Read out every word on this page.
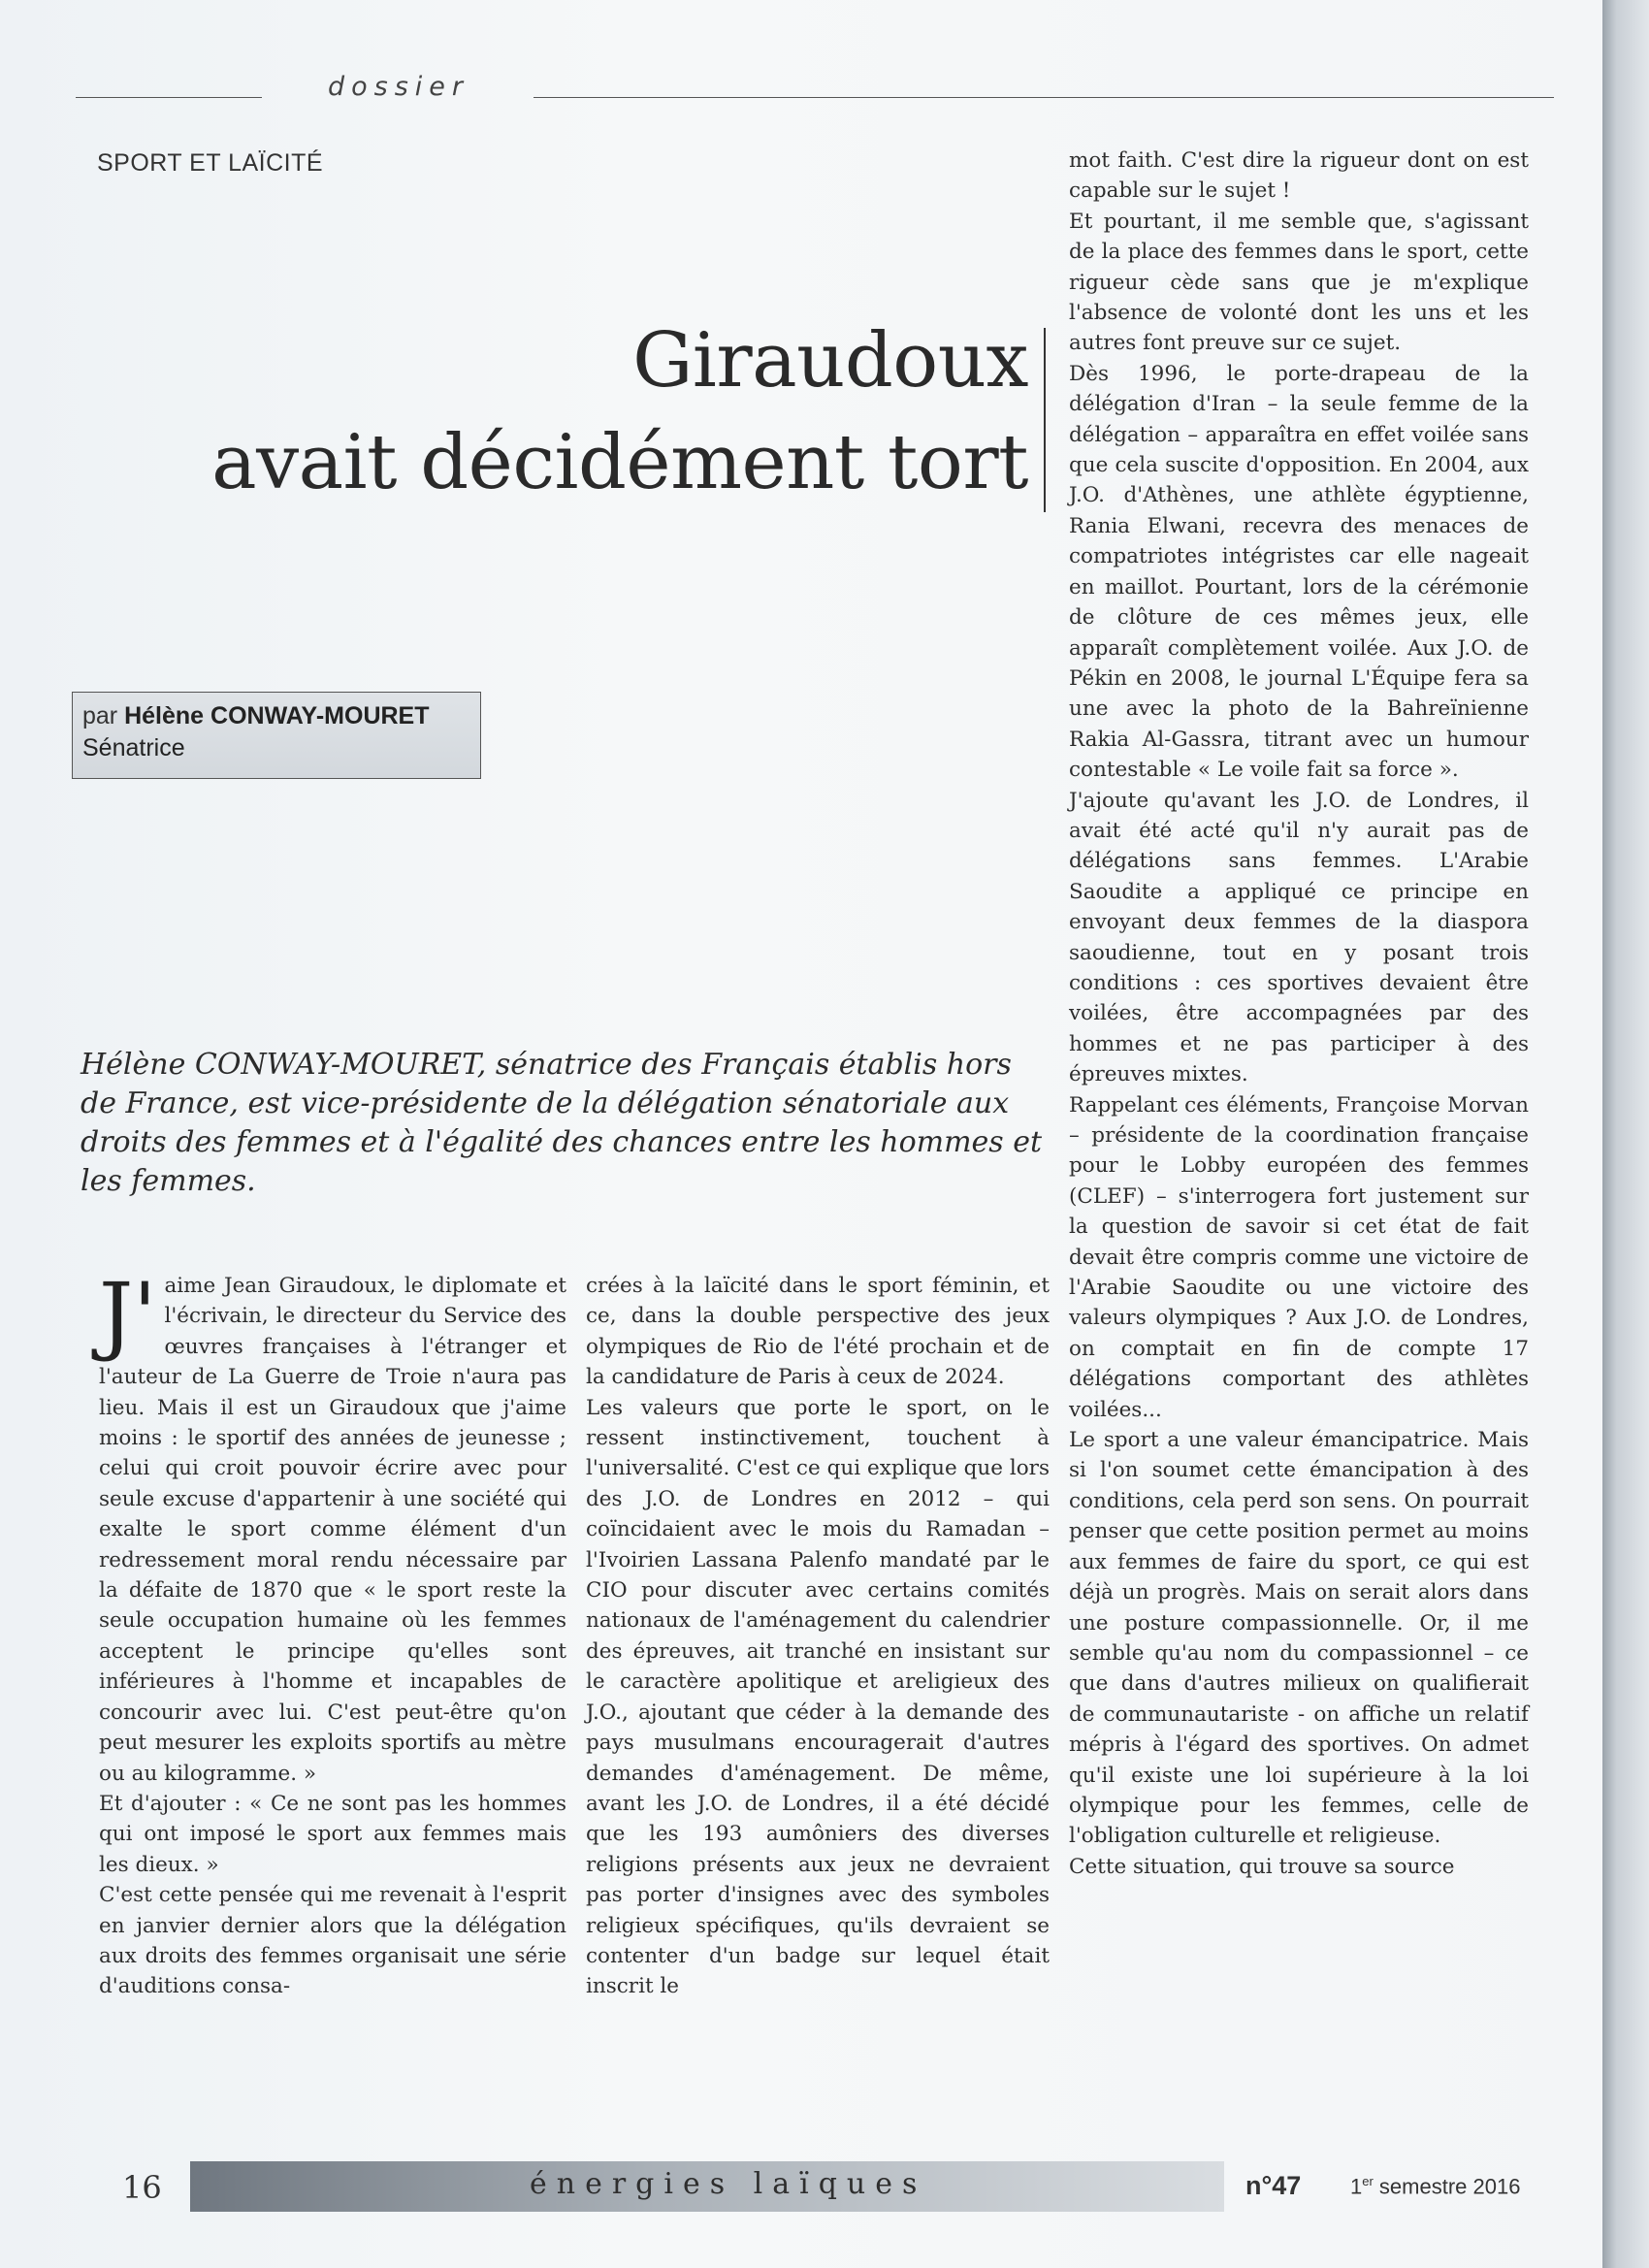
dossier
SPORT ET LAÏCITÉ
Giraudoux
avait décidément tort
par Hélène CONWAY-MOURET
Sénatrice

Hélène CONWAY-MOURET, sénatrice des Français établis hors de France, est vice-présidente de la délégation sénatoriale aux droits des femmes et à l'égalité des chances entre les hommes et les femmes.

J' aime Jean Giraudoux, le diplomate et l'écrivain, le directeur du Service des œuvres françaises à l'étranger et l'auteur de La Guerre de Troie n'aura pas lieu. Mais il est un Giraudoux que j'aime moins : le sportif des années de jeunesse ; celui qui croit pouvoir écrire avec pour seule excuse d'appartenir à une société qui exalte le sport comme élément d'un redressement moral rendu nécessaire par la défaite de 1870 que « le sport reste la seule occupation humaine où les femmes acceptent le principe qu'elles sont inférieures à l'homme et incapables de concourir avec lui. C'est peut-être qu'on peut mesurer les exploits sportifs au mètre ou au kilogramme. »

Et d'ajouter : « Ce ne sont pas les hommes qui ont imposé le sport aux femmes mais les dieux. »

C'est cette pensée qui me revenait à l'esprit en janvier dernier alors que la délégation aux droits des femmes organisait une série d'auditions consa-

crées à la laïcité dans le sport féminin, et ce, dans la double perspective des jeux olympiques de Rio de l'été prochain et de la candidature de Paris à ceux de 2024.

Les valeurs que porte le sport, on le ressent instinctivement, touchent à l'universalité. C'est ce qui explique que lors des J.O. de Londres en 2012 – qui coïncidaient avec le mois du Ramadan – l'Ivoirien Lassana Palenfo mandaté par le CIO pour discuter avec certains comités nationaux de l'aménagement du calendrier des épreuves, ait tranché en insistant sur le caractère apolitique et areligieux des J.O., ajoutant que céder à la demande des pays musulmans encouragerait d'autres demandes d'aménagement. De même, avant les J.O. de Londres, il a été décidé que les 193 aumôniers des diverses religions présents aux jeux ne devraient pas porter d'insignes avec des symboles religieux spécifiques, qu'ils devraient se contenter d'un badge sur lequel était inscrit le

mot faith. C'est dire la rigueur dont on est capable sur le sujet !

Et pourtant, il me semble que, s'agissant de la place des femmes dans le sport, cette rigueur cède sans que je m'explique l'absence de volonté dont les uns et les autres font preuve sur ce sujet.

Dès 1996, le porte-drapeau de la délégation d'Iran – la seule femme de la délégation – apparaîtra en effet voilée sans que cela suscite d'opposition. En 2004, aux J.O. d'Athènes, une athlète égyptienne, Rania Elwani, recevra des menaces de compatriotes intégristes car elle nageait en maillot. Pourtant, lors de la cérémonie de clôture de ces mêmes jeux, elle apparaît complètement voilée. Aux J.O. de Pékin en 2008, le journal L'Équipe fera sa une avec la photo de la Bahreïnienne Rakia Al-Gassra, titrant avec un humour contestable « Le voile fait sa force ».

J'ajoute qu'avant les J.O. de Londres, il avait été acté qu'il n'y aurait pas de délégations sans femmes. L'Arabie Saoudite a appliqué ce principe en envoyant deux femmes de la diaspora saoudienne, tout en y posant trois conditions : ces sportives devaient être voilées, être accompagnées par des hommes et ne pas participer à des épreuves mixtes.

Rappelant ces éléments, Françoise Morvan – présidente de la coordination française pour le Lobby européen des femmes (CLEF) – s'interrogera fort justement sur la question de savoir si cet état de fait devait être compris comme une victoire de l'Arabie Saoudite ou une victoire des valeurs olympiques ? Aux J.O. de Londres, on comptait en fin de compte 17 délégations comportant des athlètes voilées...

Le sport a une valeur émancipatrice. Mais si l'on soumet cette émancipation à des conditions, cela perd son sens. On pourrait penser que cette position permet au moins aux femmes de faire du sport, ce qui est déjà un progrès. Mais on serait alors dans une posture compassionnelle. Or, il me semble qu'au nom du compassionnel – ce que dans d'autres milieux on qualifierait de communautariste - on affiche un relatif mépris à l'égard des sportives. On admet qu'il existe une loi supérieure à la loi olympique pour les femmes, celle de l'obligation culturelle et religieuse.

Cette situation, qui trouve sa source

16	énergies laïques	n°47 1er semestre 2016
